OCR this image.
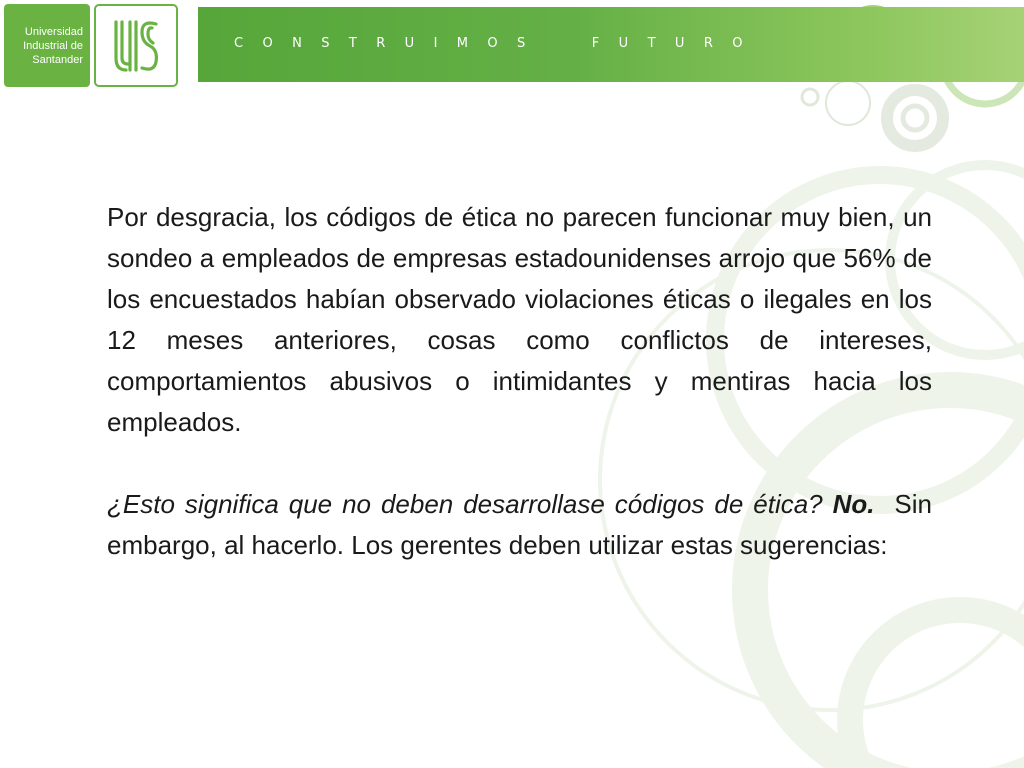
Universidad
Industrial de
Santander
CONSTRUIMOS  FUTURO

Por desgracia, los códigos de ética no parecen funcionar muy bien, un sondeo a empleados de empresas estadounidenses arrojo que 56% de los encuestados habían observado violaciones éticas o ilegales en los 12 meses anteriores, cosas como conflictos de intereses, comportamientos abusivos o intimidantes y mentiras hacia los empleados.

¿Esto significa que no deben desarrollase códigos de ética? No. Sin embargo, al hacerlo. Los gerentes deben utilizar estas sugerencias:
